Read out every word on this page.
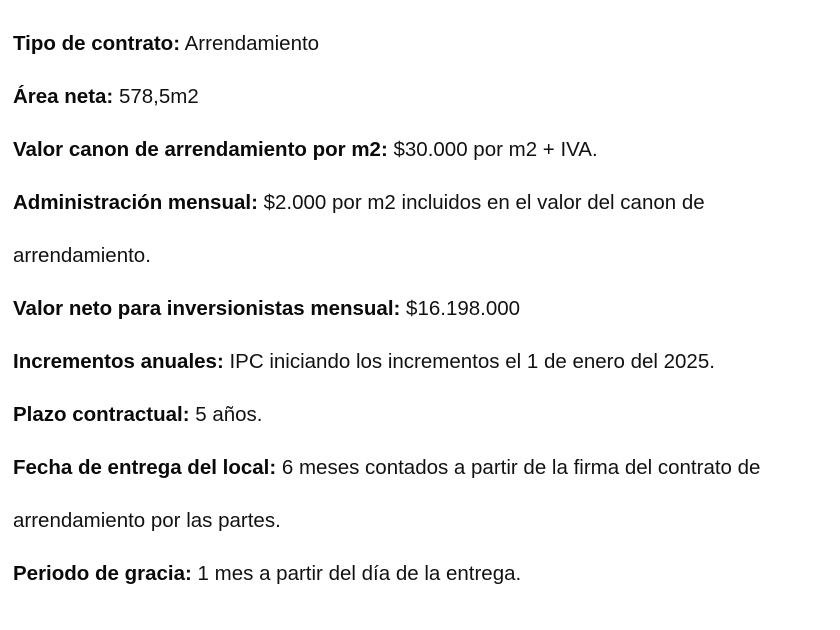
Tipo de contrato: Arrendamiento

Área neta: 578,5m2

Valor canon de arrendamiento por m2: $30.000 por m2 + IVA.

Administración mensual: $2.000 por m2 incluidos en el valor del canon de arrendamiento.

Valor neto para inversionistas mensual: $16.198.000

Incrementos anuales: IPC iniciando los incrementos el 1 de enero del 2025.

Plazo contractual: 5 años.

Fecha de entrega del local: 6 meses contados a partir de la firma del contrato de arrendamiento por las partes.

Periodo de gracia: 1 mes a partir del día de la entrega.
